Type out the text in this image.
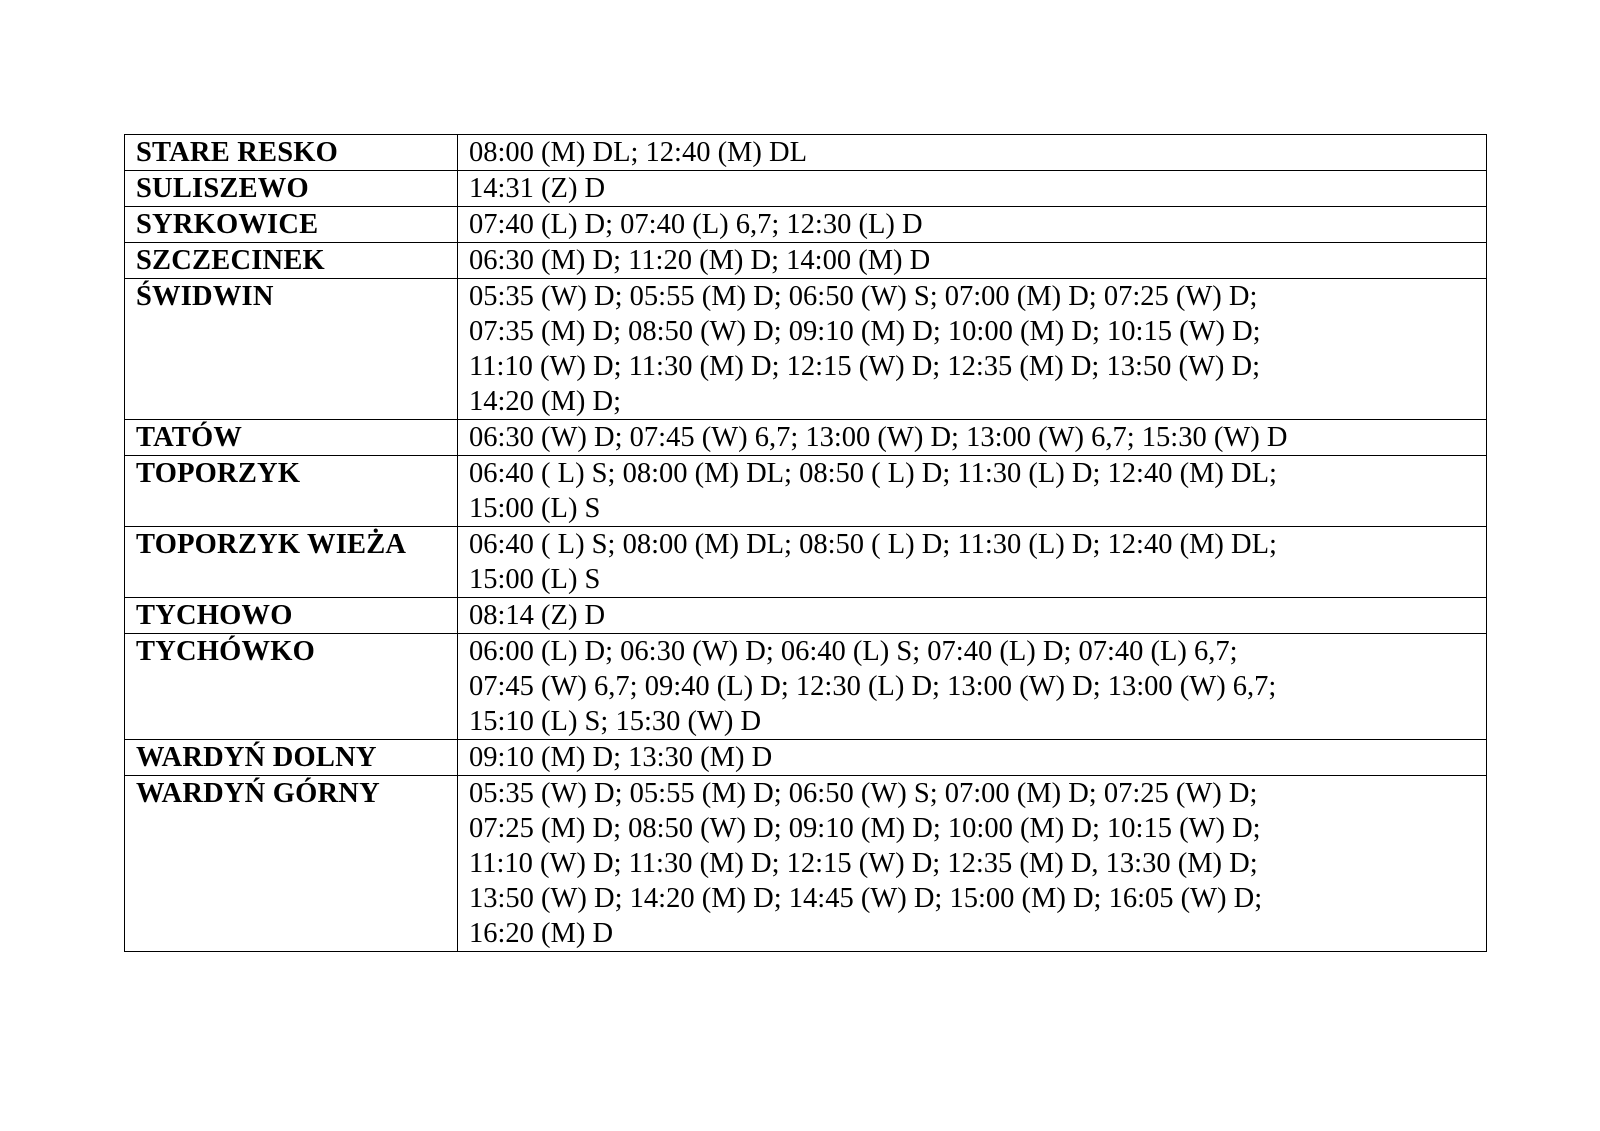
STARE RESKO	08:00 (M) DL; 12:40 (M) DL

SULISZEWO	14:31 (Z) D

SYRKOWICE	07:40 (L) D; 07:40 (L) 6,7; 12:30 (L) D

SZCZECINEK	06:30 (M) D; 11:20 (M) D; 14:00 (M) D

ŚWIDWIN	05:35 (W) D; 05:55 (M) D; 06:50 (W) S; 07:00 (M) D; 07:25 (W) D;
07:35 (M) D; 08:50 (W) D; 09:10 (M) D; 10:00 (M) D; 10:15 (W) D;
11:10 (W) D; 11:30 (M) D; 12:15 (W) D; 12:35 (M) D; 13:50 (W) D;
14:20 (M) D;

TATÓW	06:30 (W) D; 07:45 (W) 6,7; 13:00 (W) D; 13:00 (W) 6,7; 15:30 (W) D

TOPORZYK	06:40 ( L) S; 08:00 (M) DL; 08:50 ( L) D; 11:30 (L) D; 12:40 (M) DL;
15:00 (L) S

TOPORZYK WIEŻA	06:40 ( L) S; 08:00 (M) DL; 08:50 ( L) D; 11:30 (L) D; 12:40 (M) DL;
15:00 (L) S

TYCHOWO	08:14 (Z) D

TYCHÓWKO	06:00 (L) D; 06:30 (W) D; 06:40 (L) S; 07:40 (L) D; 07:40 (L) 6,7;
07:45 (W) 6,7; 09:40 (L) D; 12:30 (L) D; 13:00 (W) D; 13:00 (W) 6,7;
15:10 (L) S; 15:30 (W) D

WARDYŃ DOLNY	09:10 (M) D; 13:30 (M) D

WARDYŃ GÓRNY	05:35 (W) D; 05:55 (M) D; 06:50 (W) S; 07:00 (M) D; 07:25 (W) D;
07:25 (M) D; 08:50 (W) D; 09:10 (M) D; 10:00 (M) D; 10:15 (W) D;
11:10 (W) D; 11:30 (M) D; 12:15 (W) D; 12:35 (M) D, 13:30 (M) D;
13:50 (W) D; 14:20 (M) D; 14:45 (W) D; 15:00 (M) D; 16:05 (W) D;
16:20 (M) D
